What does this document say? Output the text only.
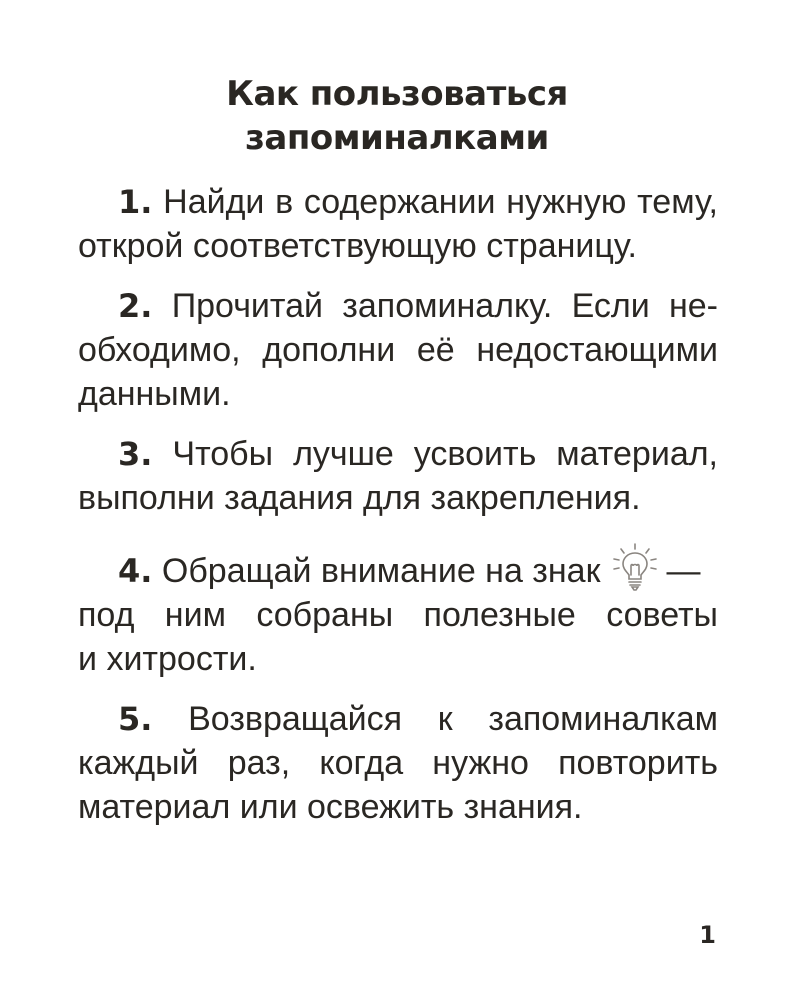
Как пользоваться
запоминалками

1. Найди в содержании нужную тему,
открой соответствующую страницу.

2. Прочитай запоминалку. Если не-
обходимо, дополни её недостающими
данными.

3. Чтобы лучше усвоить материал,
выполни задания для закрепления.

4. Обращай внимание на знак —
под ним собраны полезные советы
и хитрости.

5. Возвращайся к запоминалкам
каждый раз, когда нужно повторить
материал или освежить знания.

1
